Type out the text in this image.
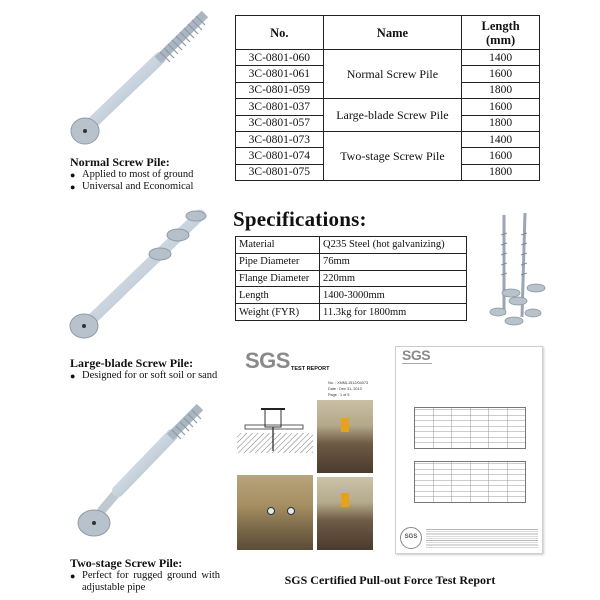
Normal Screw Pile:
● Applied to most of ground
● Universal and Economical
Large-blade Screw Pile:
● Designed for or soft soil or sand
Two-stage Screw Pile:
● Perfect for rugged ground with adjustable pipe
No.	Name	Length
(mm)
3C-0801-060	Normal Screw Pile	1400
3C-0801-061		1600
3C-0801-059		1800
3C-0801-037	Large-blade Screw Pile	1600
3C-0801-057		1800
3C-0801-073	Two-stage Screw Pile	1400
3C-0801-074		1600
3C-0801-075		1800
Specifications:
Material	Q235 Steel (hot galvanizing)
Pipe Diameter	76mm
Flange Diameter	220mm
Length	1400-3000mm
Weight (FYR)	11.3kg for 1800mm
SGS TEST REPORT
No. : XMML1512/04073
Date : Dec 31, 2013
Page : 1 of 5
SGS
SGS
SGS Certified Pull-out Force Test Report
